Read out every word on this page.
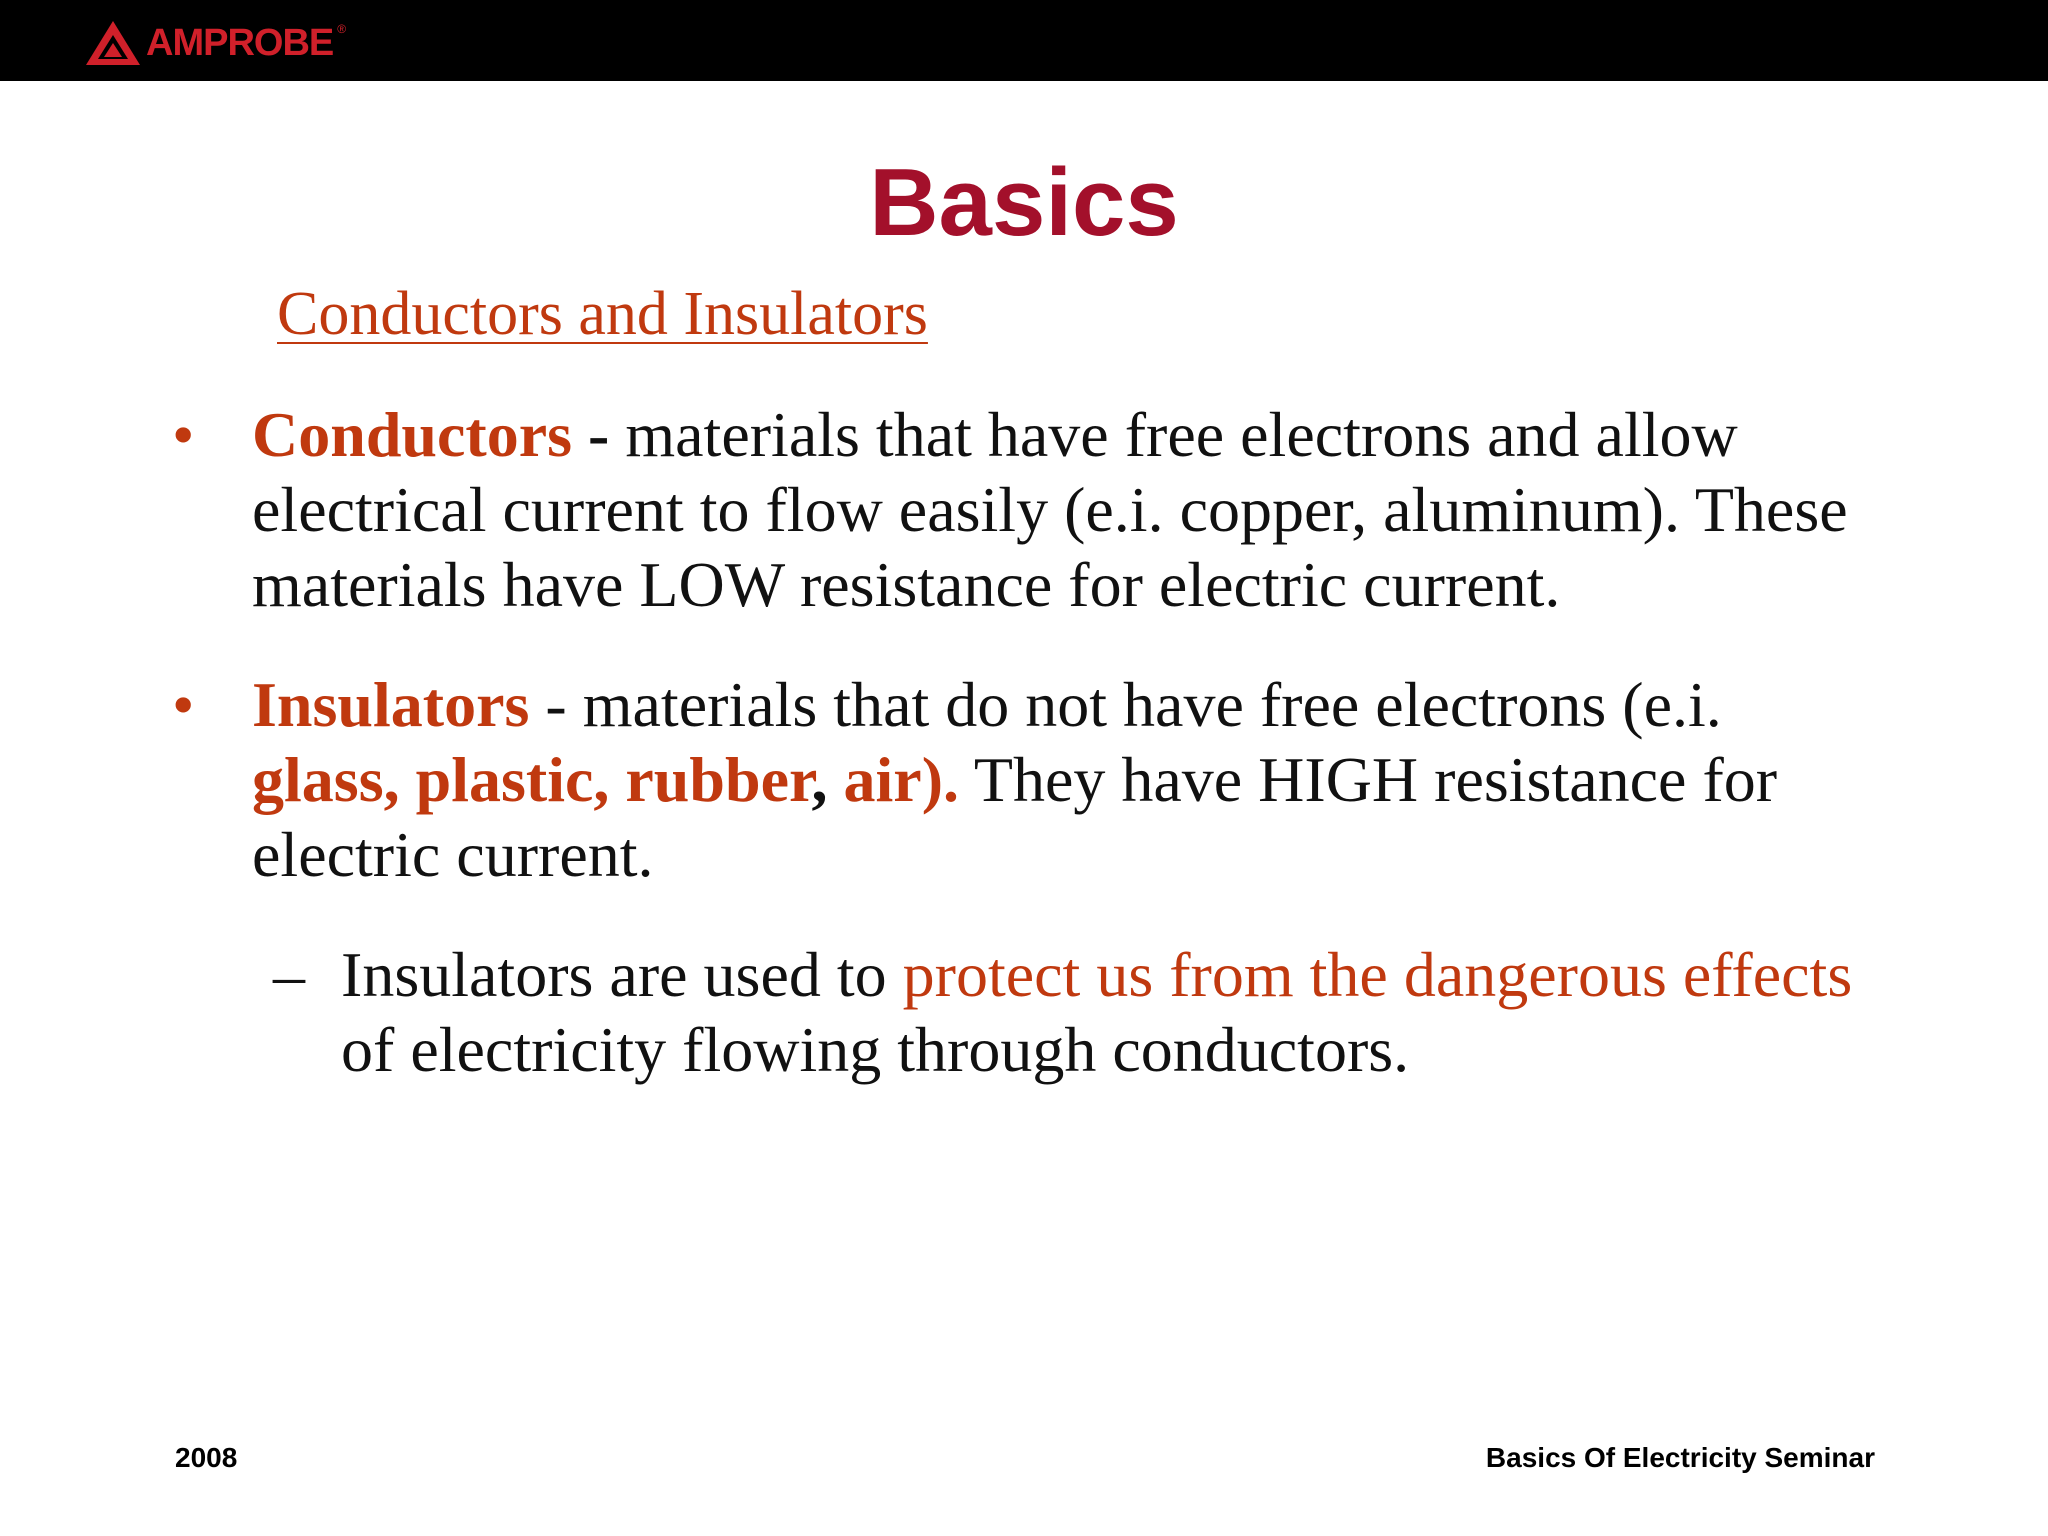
AMPROBE ®
Basics
Conductors and Insulators
• Conductors - materials that have free electrons and allow electrical current to flow easily (e.i. copper, aluminum). These materials have LOW resistance for electric current.
• Insulators - materials that do not have free electrons (e.i. glass, plastic, rubber, air). They have HIGH resistance for electric current.
– Insulators are used to protect us from the dangerous effects of electricity flowing through conductors.
2008	Basics Of Electricity Seminar
